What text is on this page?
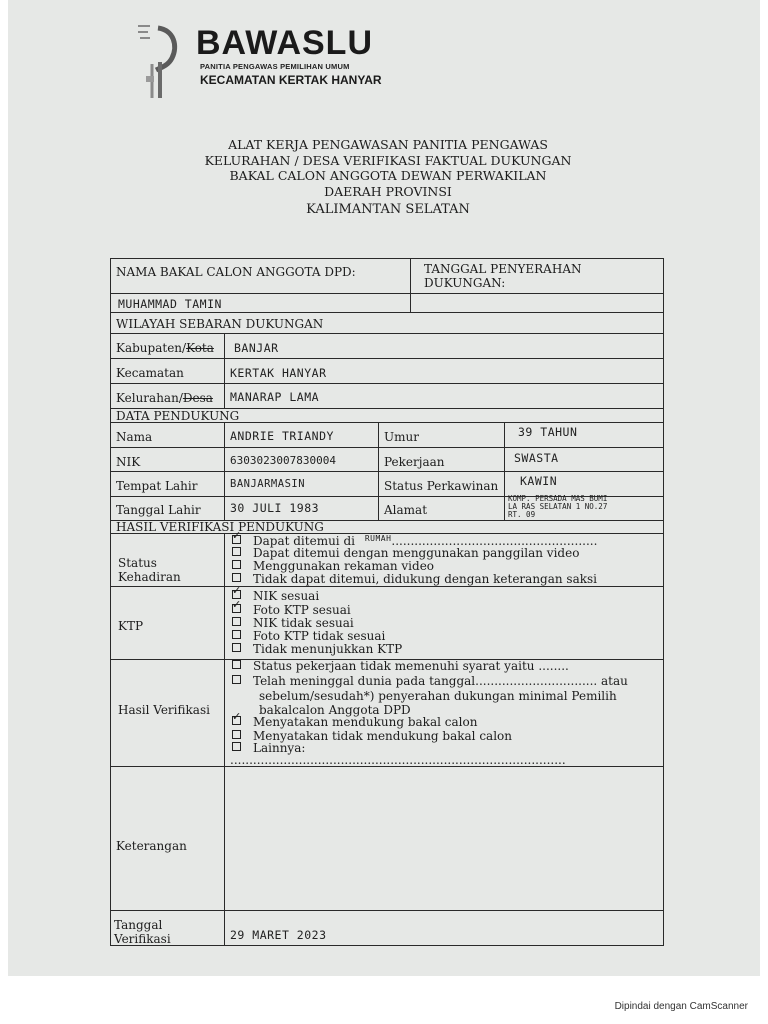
BAWASLU
PANITIA PENGAWAS PEMILIHAN UMUM
KECAMATAN KERTAK HANYAR
ALAT KERJA PENGAWASAN PANITIA PENGAWAS
KELURAHAN / DESA VERIFIKASI FAKTUAL DUKUNGAN
BAKAL CALON ANGGOTA DEWAN PERWAKILAN
DAERAH PROVINSI
KALIMANTAN SELATAN
NAMA BAKAL CALON ANGGOTA DPD:	TANGGAL PENYERAHAN
DUKUNGAN:
MUHAMMAD TAMIN
WILAYAH SEBARAN DUKUNGAN
Kabupaten/Kota BANJAR
Kecamatan	KERTAK HANYAR
Kelurahan/Desa MANARAP LAMA
DATA PENDUKUNG
Nama	ANDRIE TRIANDY	Umur	39 TAHUN
NIK	6303023007830004	Pekerjaan	SWASTA
Tempat Lahir	BANJARMASIN	Status Perkawinan KAWIN
Tanggal Lahir	30 JULI 1983	Alamat
KOMP. PERSADA MAS BUMI
LA RAS SELATAN 1 NO.27
RT. 09
HASIL VERIFIKASI PENDUKUNG
Status
Kehadiran
✓Dapat ditemui di $^{RUMAH}$......................................................
Dapat ditemui dengan menggunakan panggilan video
Menggunakan rekaman video
Tidak dapat ditemui, didukung dengan keterangan saksi
KTP
✓NIK sesuai
✓Foto KTP sesuai
NIK tidak sesuai
Foto KTP tidak sesuai
Tidak menunjukkan KTP
Hasil Verifikasi
Status pekerjaan tidak memenuhi syarat yaitu ........
Telah meninggal dunia pada tanggal................................ atau
sebelum/sesudah*) penyerahan dukungan minimal Pemilih
bakalcalon Anggota DPD
✓Menyatakan mendukung bakal calon
Menyatakan tidak mendukung bakal calon
Lainnya:
........................................................................................
Keterangan
Tanggal
Verifikasi	29 MARET 2023
Dipindai dengan CamScanner
